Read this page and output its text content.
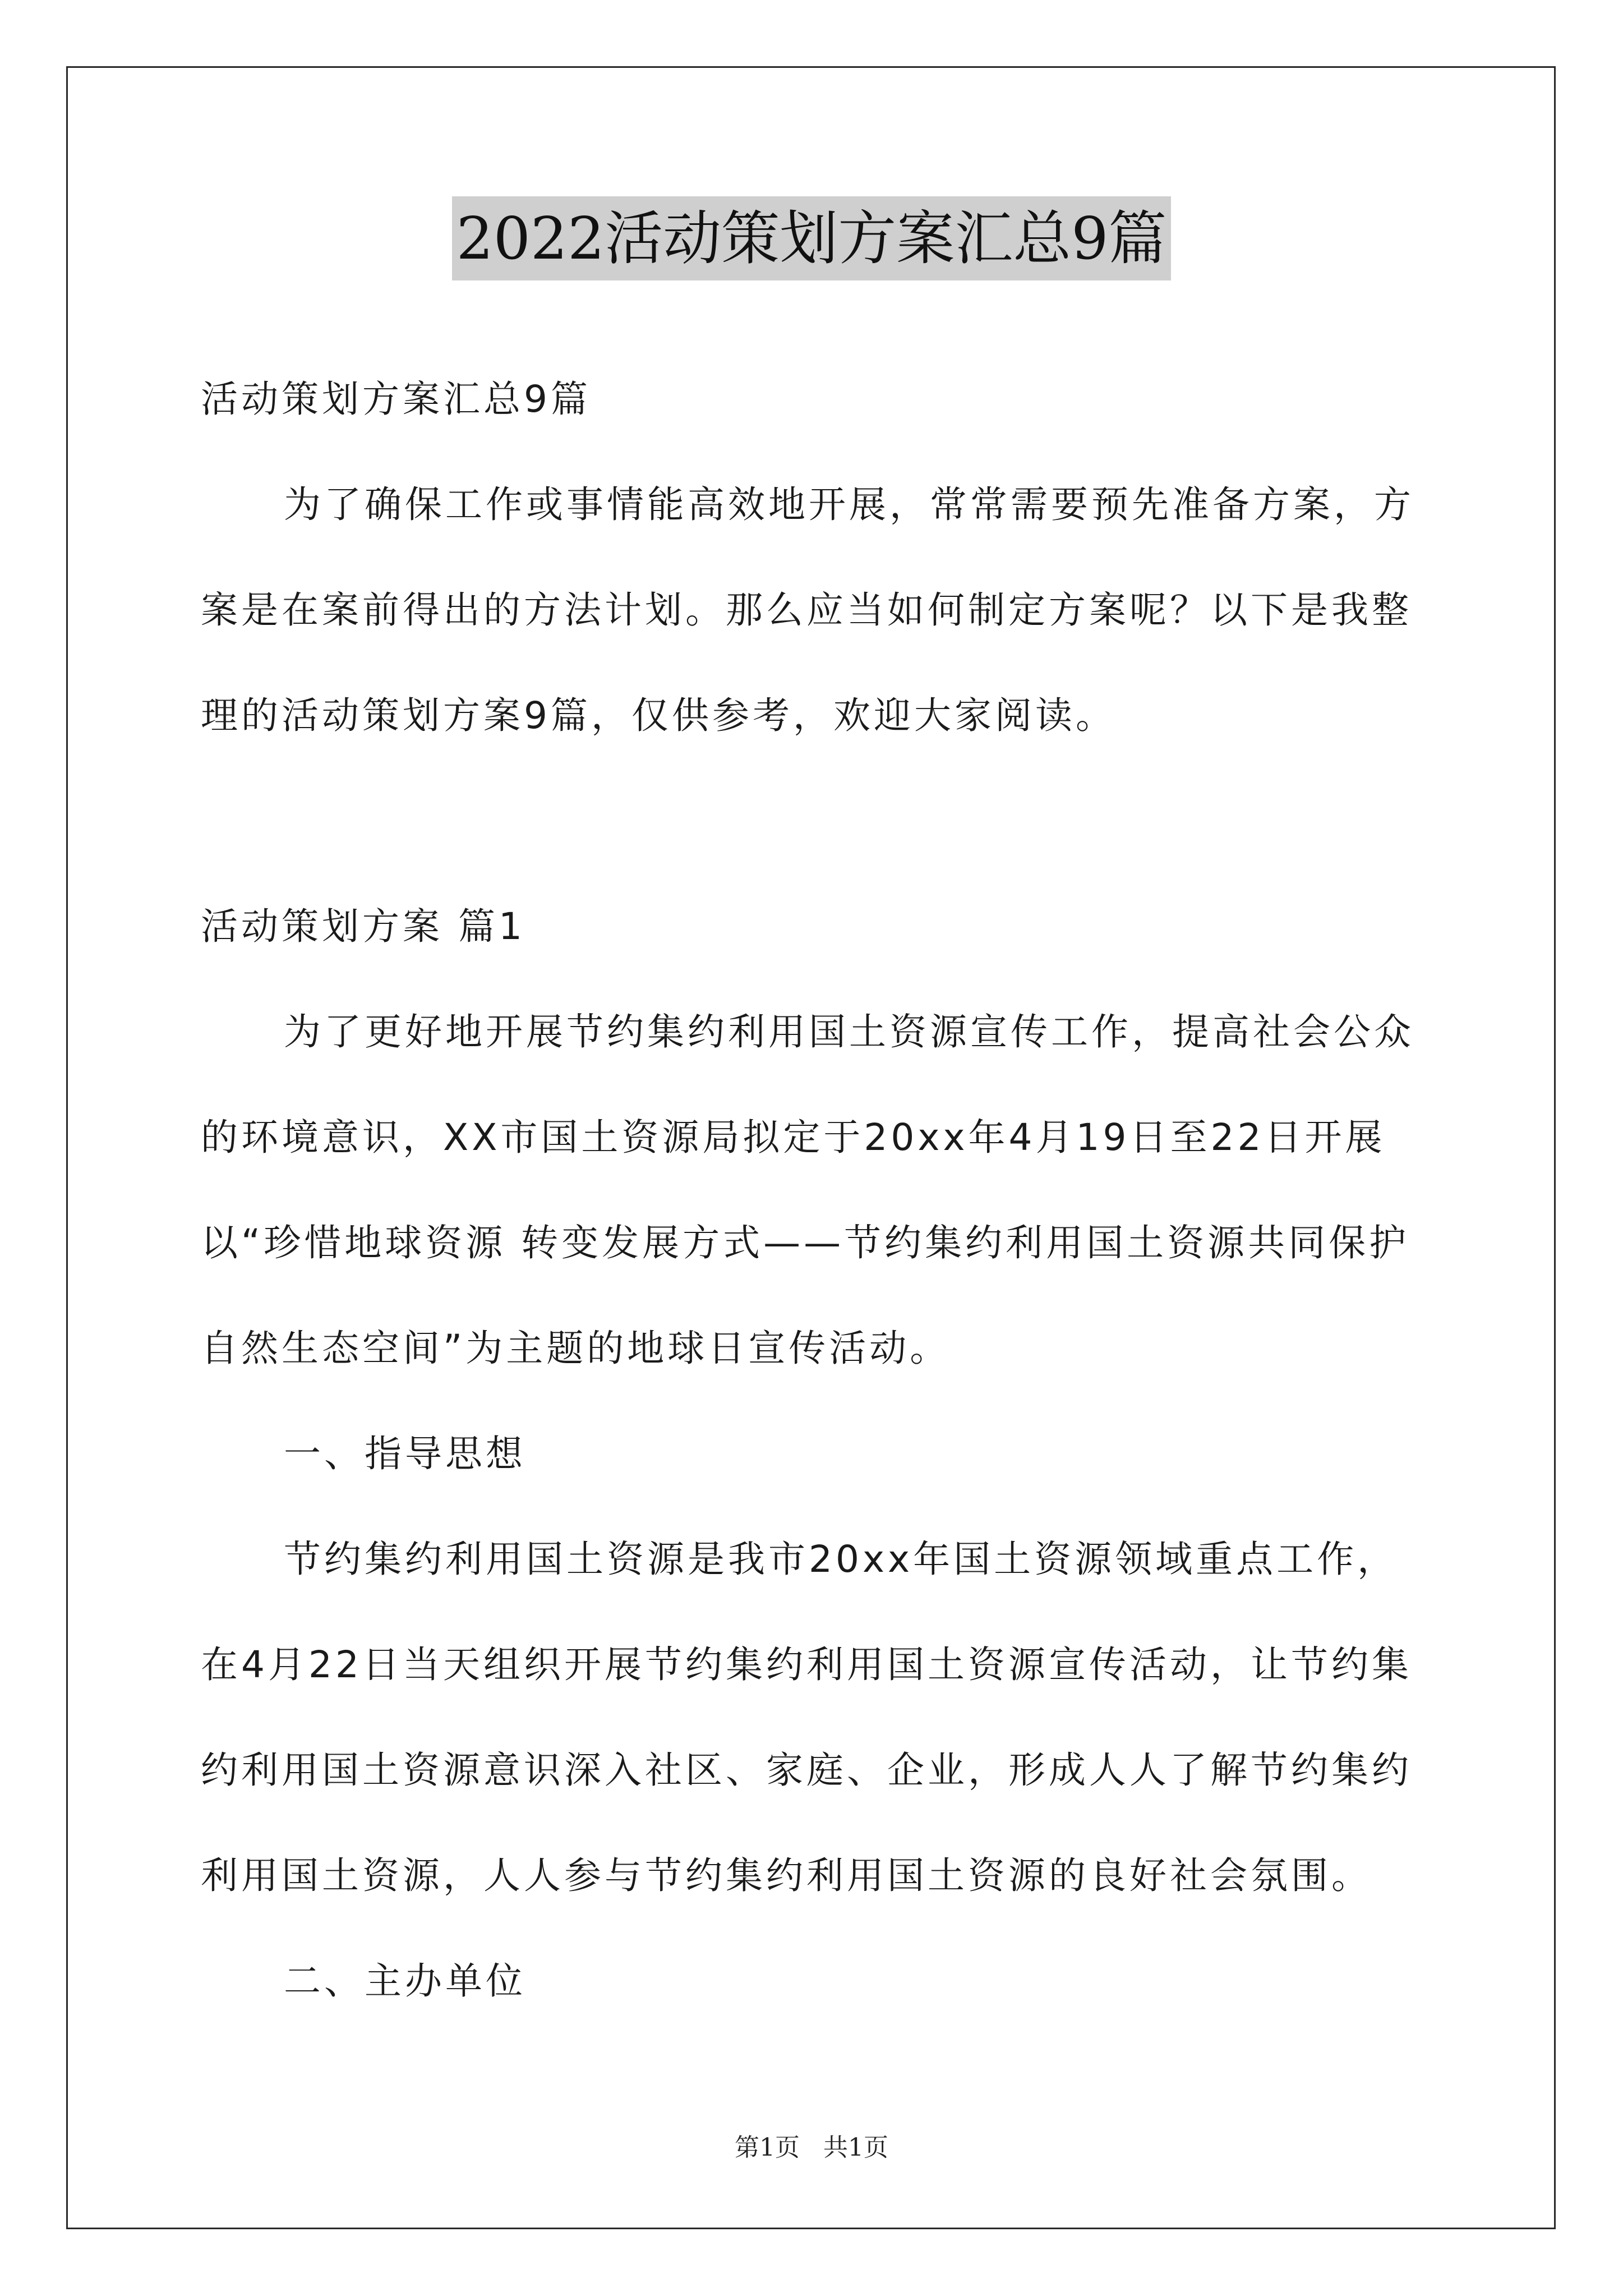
2022活动策划方案汇总9篇
活动策划方案汇总9篇
为了确保工作或事情能高效地开展，常常需要预先准备方案，方
案是在案前得出的方法计划。那么应当如何制定方案呢？以下是我整
理的活动策划方案9篇，仅供参考，欢迎大家阅读。
活动策划方案 篇1
为了更好地开展节约集约利用国土资源宣传工作，提高社会公众
的环境意识，XX市国土资源局拟定于20xx年4月19日至22日开展
以“珍惜地球资源 转变发展方式——节约集约利用国土资源共同保护
自然生态空间”为主题的地球日宣传活动。
一、指导思想
节约集约利用国土资源是我市20xx年国土资源领域重点工作，
在4月22日当天组织开展节约集约利用国土资源宣传活动，让节约集
约利用国土资源意识深入社区、家庭、企业，形成人人了解节约集约
利用国土资源，人人参与节约集约利用国土资源的良好社会氛围。
二、主办单位
第1页 共1页
